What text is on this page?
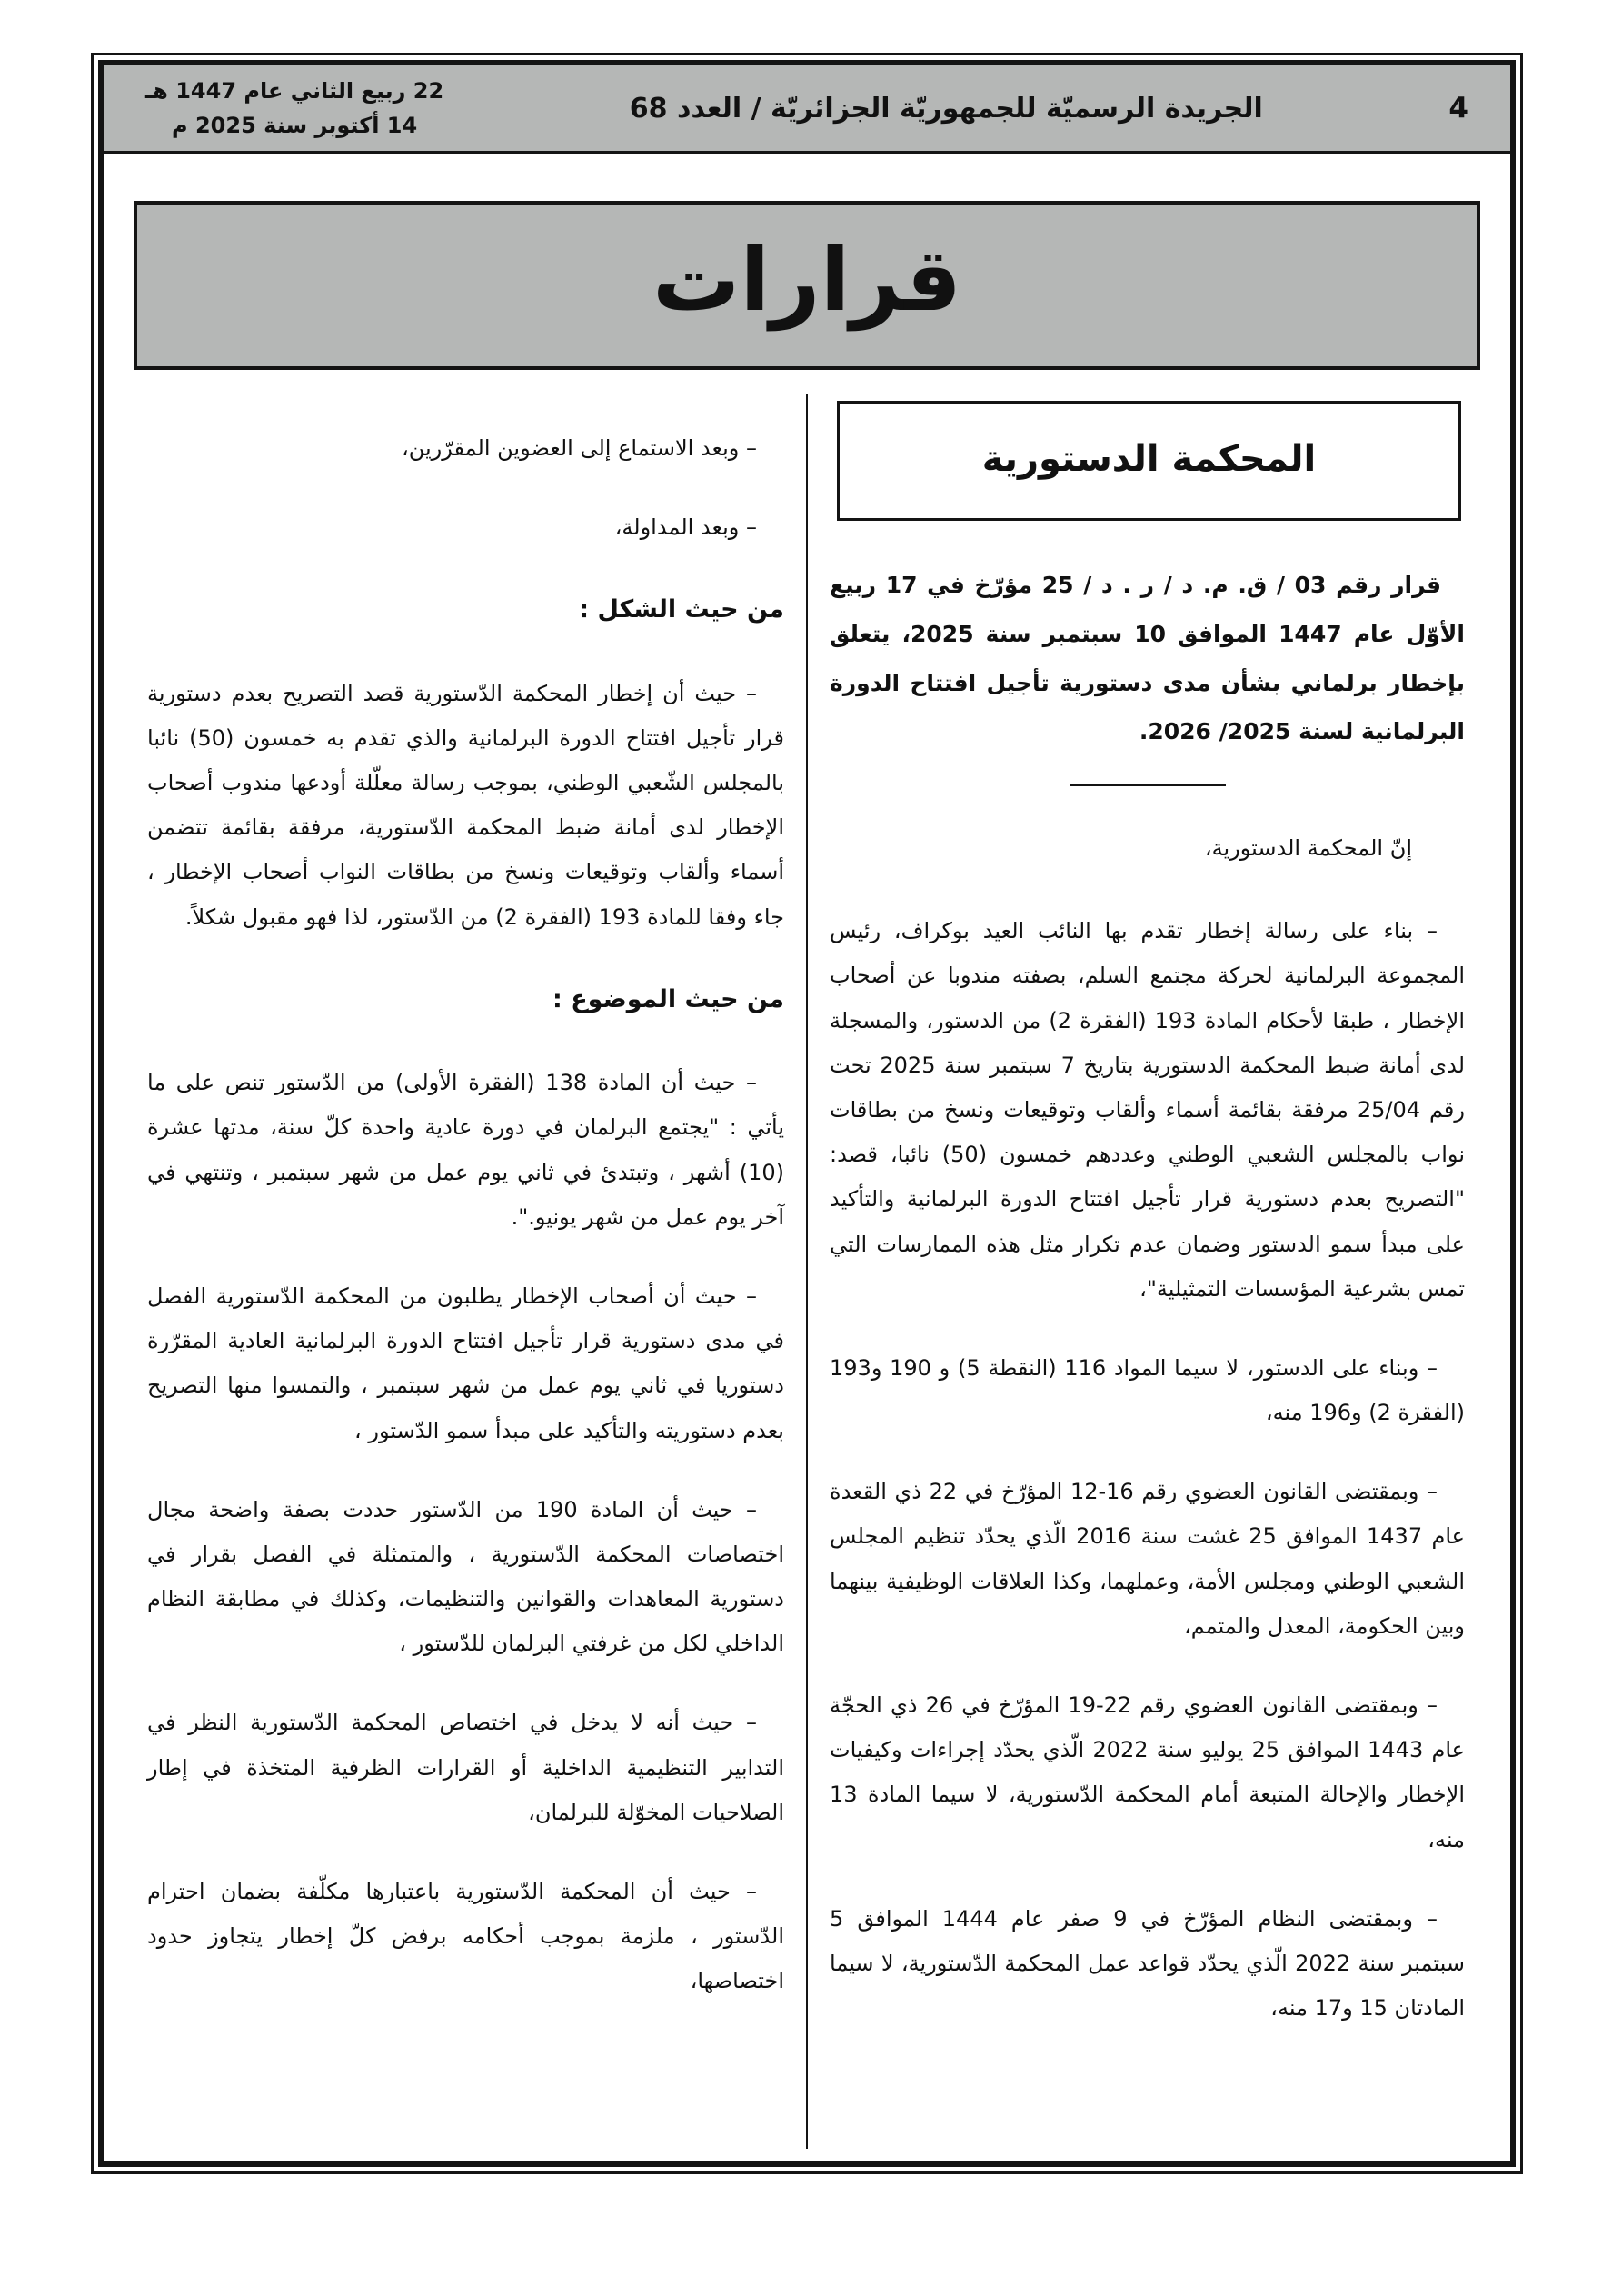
4
الجريدة الرسميّة للجمهوريّة الجزائريّة / العدد 68
22 ربيع الثاني عام 1447 هـ
14 أكتوبر سنة 2025 م
قرارات
المحكمة الدستورية

قرار رقم 03 / ق. م. د / ر . د / 25 مؤرّخ في 17 ربيع الأوّل عام 1447 الموافق 10 سبتمبر سنة 2025، يتعلق بإخطار برلماني بشأن مدى دستورية تأجيل افتتاح الدورة البرلمانية لسنة 2025/ 2026.

إنّ المحكمة الدستورية،

– بناء على رسالة إخطار تقدم بها النائب العيد بوكراف، رئيس المجموعة البرلمانية لحركة مجتمع السلم، بصفته مندوبا عن أصحاب الإخطار ، طبقا لأحكام المادة 193 (الفقرة 2) من الدستور، والمسجلة لدى أمانة ضبط المحكمة الدستورية بتاريخ 7 سبتمبر سنة 2025 تحت رقم 25/04 مرفقة بقائمة أسماء وألقاب وتوقيعات ونسخ من بطاقات نواب بالمجلس الشعبي الوطني وعددهم خمسون (50) نائبا، قصد: "التصريح بعدم دستورية قرار تأجيل افتتاح الدورة البرلمانية والتأكيد على مبدأ سمو الدستور وضمان عدم تكرار مثل هذه الممارسات التي تمس بشرعية المؤسسات التمثيلية"،

– وبناء على الدستور، لا سيما المواد 116 (النقطة 5) و 190 و193 (الفقرة 2) و196 منه،

– وبمقتضى القانون العضوي رقم 16‏-‏12 المؤرّخ في 22 ذي القعدة عام 1437 الموافق 25 غشت سنة 2016 الّذي يحدّد تنظيم المجلس الشعبي الوطني ومجلس الأمة، وعملهما، وكذا العلاقات الوظيفية بينهما وبين الحكومة، المعدل والمتمم،

– وبمقتضى القانون العضوي رقم 22‏-‏19 المؤرّخ في 26 ذي الحجّة عام 1443 الموافق 25 يوليو سنة 2022 الّذي يحدّد إجراءات وكيفيات الإخطار والإحالة المتبعة أمام المحكمة الدّستورية، لا سيما المادة 13 منه،

– وبمقتضى النظام المؤرّخ في 9 صفر عام 1444 الموافق 5 سبتمبر سنة 2022 الّذي يحدّد قواعد عمل المحكمة الدّستورية، لا سيما المادتان 15 و17 منه،

– وبعد الاستماع إلى العضوين المقرّرين،

– وبعد المداولة،

من حيث الشكل :

– حيث أن إخطار المحكمة الدّستورية قصد التصريح بعدم دستورية قرار تأجيل افتتاح الدورة البرلمانية والذي تقدم به خمسون (50) نائبا بالمجلس الشّعبي الوطني، بموجب رسالة معلّلة أودعها مندوب أصحاب الإخطار لدى أمانة ضبط المحكمة الدّستورية، مرفقة بقائمة تتضمن أسماء وألقاب وتوقيعات ونسخ من بطاقات النواب أصحاب الإخطار ، جاء وفقا للمادة 193 (الفقرة 2) من الدّستور، لذا فهو مقبول شكلاً.

من حيث الموضوع :

– حيث أن المادة 138 (الفقرة الأولى) من الدّستور تنص على ما يأتي : "يجتمع البرلمان في دورة عادية واحدة كلّ سنة، مدتها عشرة (10) أشهر ، وتبتدئ في ثاني يوم عمل من شهر سبتمبر ، وتنتهي في آخر يوم عمل من شهر يونيو.".

– حيث أن أصحاب الإخطار يطلبون من المحكمة الدّستورية الفصل في مدى دستورية قرار تأجيل افتتاح الدورة البرلمانية العادية المقرّرة دستوريا في ثاني يوم عمل من شهر سبتمبر ، والتمسوا منها التصريح بعدم دستوريته والتأكيد على مبدأ سمو الدّستور ،

– حيث أن المادة 190 من الدّستور حددت بصفة واضحة مجال اختصاصات المحكمة الدّستورية ، والمتمثلة في الفصل بقرار في دستورية المعاهدات والقوانين والتنظيمات، وكذلك في مطابقة النظام الداخلي لكل من غرفتي البرلمان للدّستور ،

– حيث أنه لا يدخل في اختصاص المحكمة الدّستورية النظر في التدابير التنظيمية الداخلية أو القرارات الظرفية المتخذة في إطار الصلاحيات المخوّلة للبرلمان،

– حيث أن المحكمة الدّستورية باعتبارها مكلّفة بضمان احترام الدّستور ، ملزمة بموجب أحكامه برفض كلّ إخطار يتجاوز حدود اختصاصها،
